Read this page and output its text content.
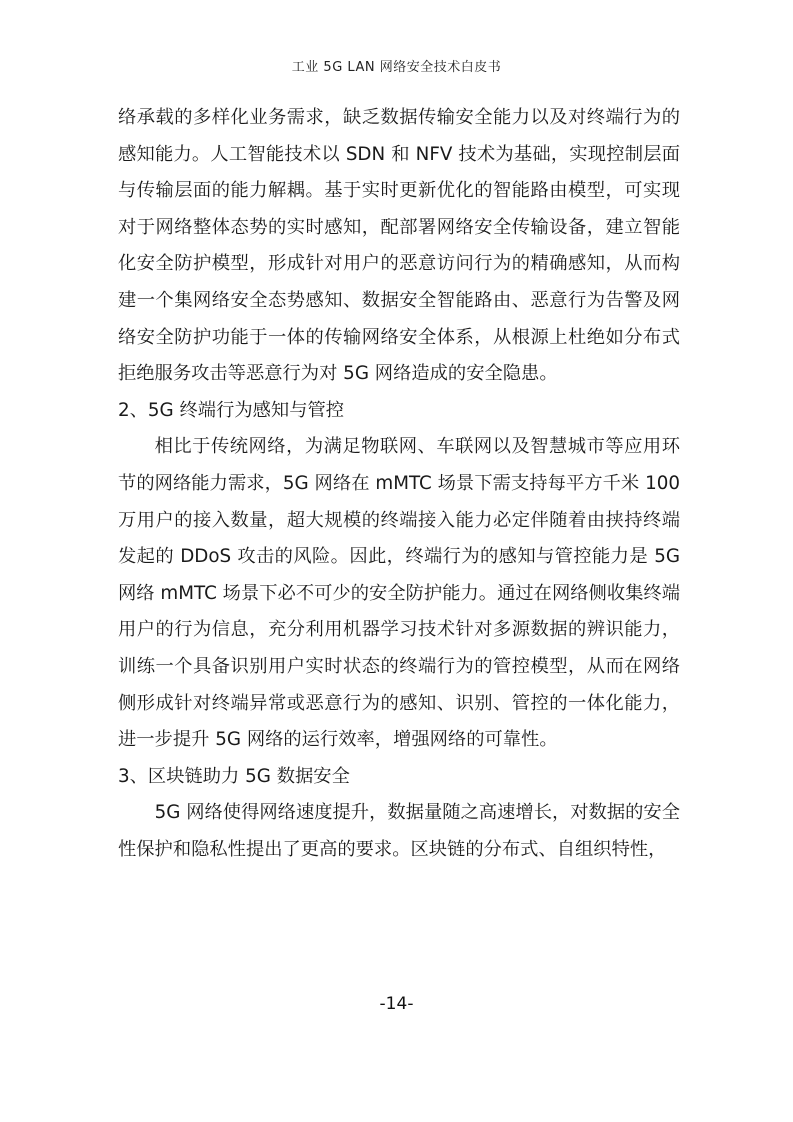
工业 5G LAN 网络安全技术白皮书

络承载的多样化业务需求，缺乏数据传输安全能力以及对终端行为的感知能力。人工智能技术以 SDN 和 NFV 技术为基础，实现控制层面与传输层面的能力解耦。基于实时更新优化的智能路由模型，可实现对于网络整体态势的实时感知，配部署网络安全传输设备，建立智能化安全防护模型，形成针对用户的恶意访问行为的精确感知，从而构建一个集网络安全态势感知、数据安全智能路由、恶意行为告警及网络安全防护功能于一体的传输网络安全体系，从根源上杜绝如分布式拒绝服务攻击等恶意行为对 5G 网络造成的安全隐患。

2、5G 终端行为感知与管控

相比于传统网络，为满足物联网、车联网以及智慧城市等应用环节的网络能力需求，5G 网络在 mMTC 场景下需支持每平方千米 100 万用户的接入数量，超大规模的终端接入能力必定伴随着由挟持终端发起的 DDoS 攻击的风险。因此，终端行为的感知与管控能力是 5G 网络 mMTC 场景下必不可少的安全防护能力。通过在网络侧收集终端用户的行为信息，充分利用机器学习技术针对多源数据的辨识能力，训练一个具备识别用户实时状态的终端行为的管控模型，从而在网络侧形成针对终端异常或恶意行为的感知、识别、管控的一体化能力，进一步提升 5G 网络的运行效率，增强网络的可靠性。

3、区块链助力 5G 数据安全

5G 网络使得网络速度提升，数据量随之高速增长，对数据的安全性保护和隐私性提出了更高的要求。区块链的分布式、自组织特性，

-14-
